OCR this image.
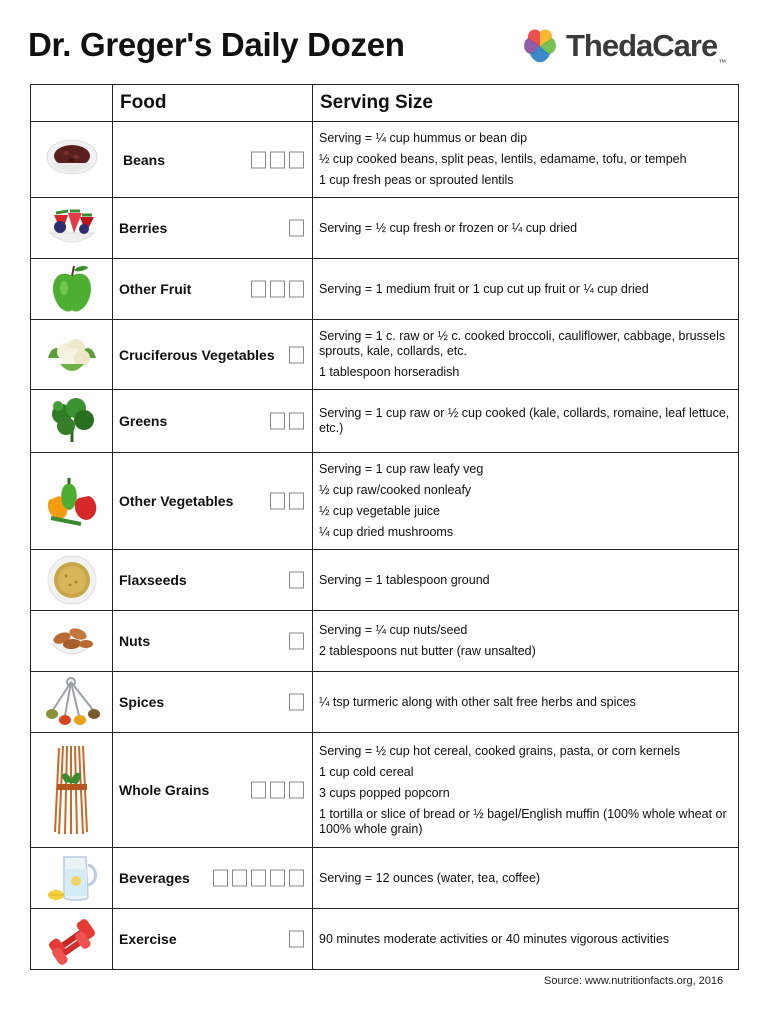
Dr. Greger's Daily Dozen	ThedaCare ™
	Food	Serving Size

	Beans	Serving = ¼ cup hummus or bean dip
½ cup cooked beans, split peas, lentils, edamame, tofu, or tempeh
1 cup fresh peas or sprouted lentils

	Berries	Serving = ½ cup fresh or frozen or ¼ cup dried

	Other Fruit	Serving = 1 medium fruit or 1 cup cut up fruit or ¼ cup dried

	Cruciferous Vegetables	Serving = 1 c. raw or ½ c. cooked broccoli, cauliflower, cabbage, brussels sprouts, kale, collards, etc.
1 tablespoon horseradish

	Greens	Serving = 1 cup raw or ½ cup cooked (kale, collards, romaine, leaf lettuce, etc.)

	Other Vegetables	Serving = 1 cup raw leafy veg
½ cup raw/cooked nonleafy
½ cup vegetable juice
¼ cup dried mushrooms

	Flaxseeds	Serving = 1 tablespoon ground

	Nuts	Serving = ¼ cup nuts/seed
2 tablespoons nut butter (raw unsalted)

	Spices	¼ tsp turmeric along with other salt free herbs and spices

	Whole Grains	Serving = ½ cup hot cereal, cooked grains, pasta, or corn kernels
1 cup cold cereal
3 cups popped popcorn
1 tortilla or slice of bread or ½ bagel/English muffin (100% whole wheat or 100% whole grain)

	Beverages	Serving = 12 ounces (water, tea, coffee)

	Exercise	90 minutes moderate activities or 40 minutes vigorous activities
Source: www.nutritionfacts.org, 2016
